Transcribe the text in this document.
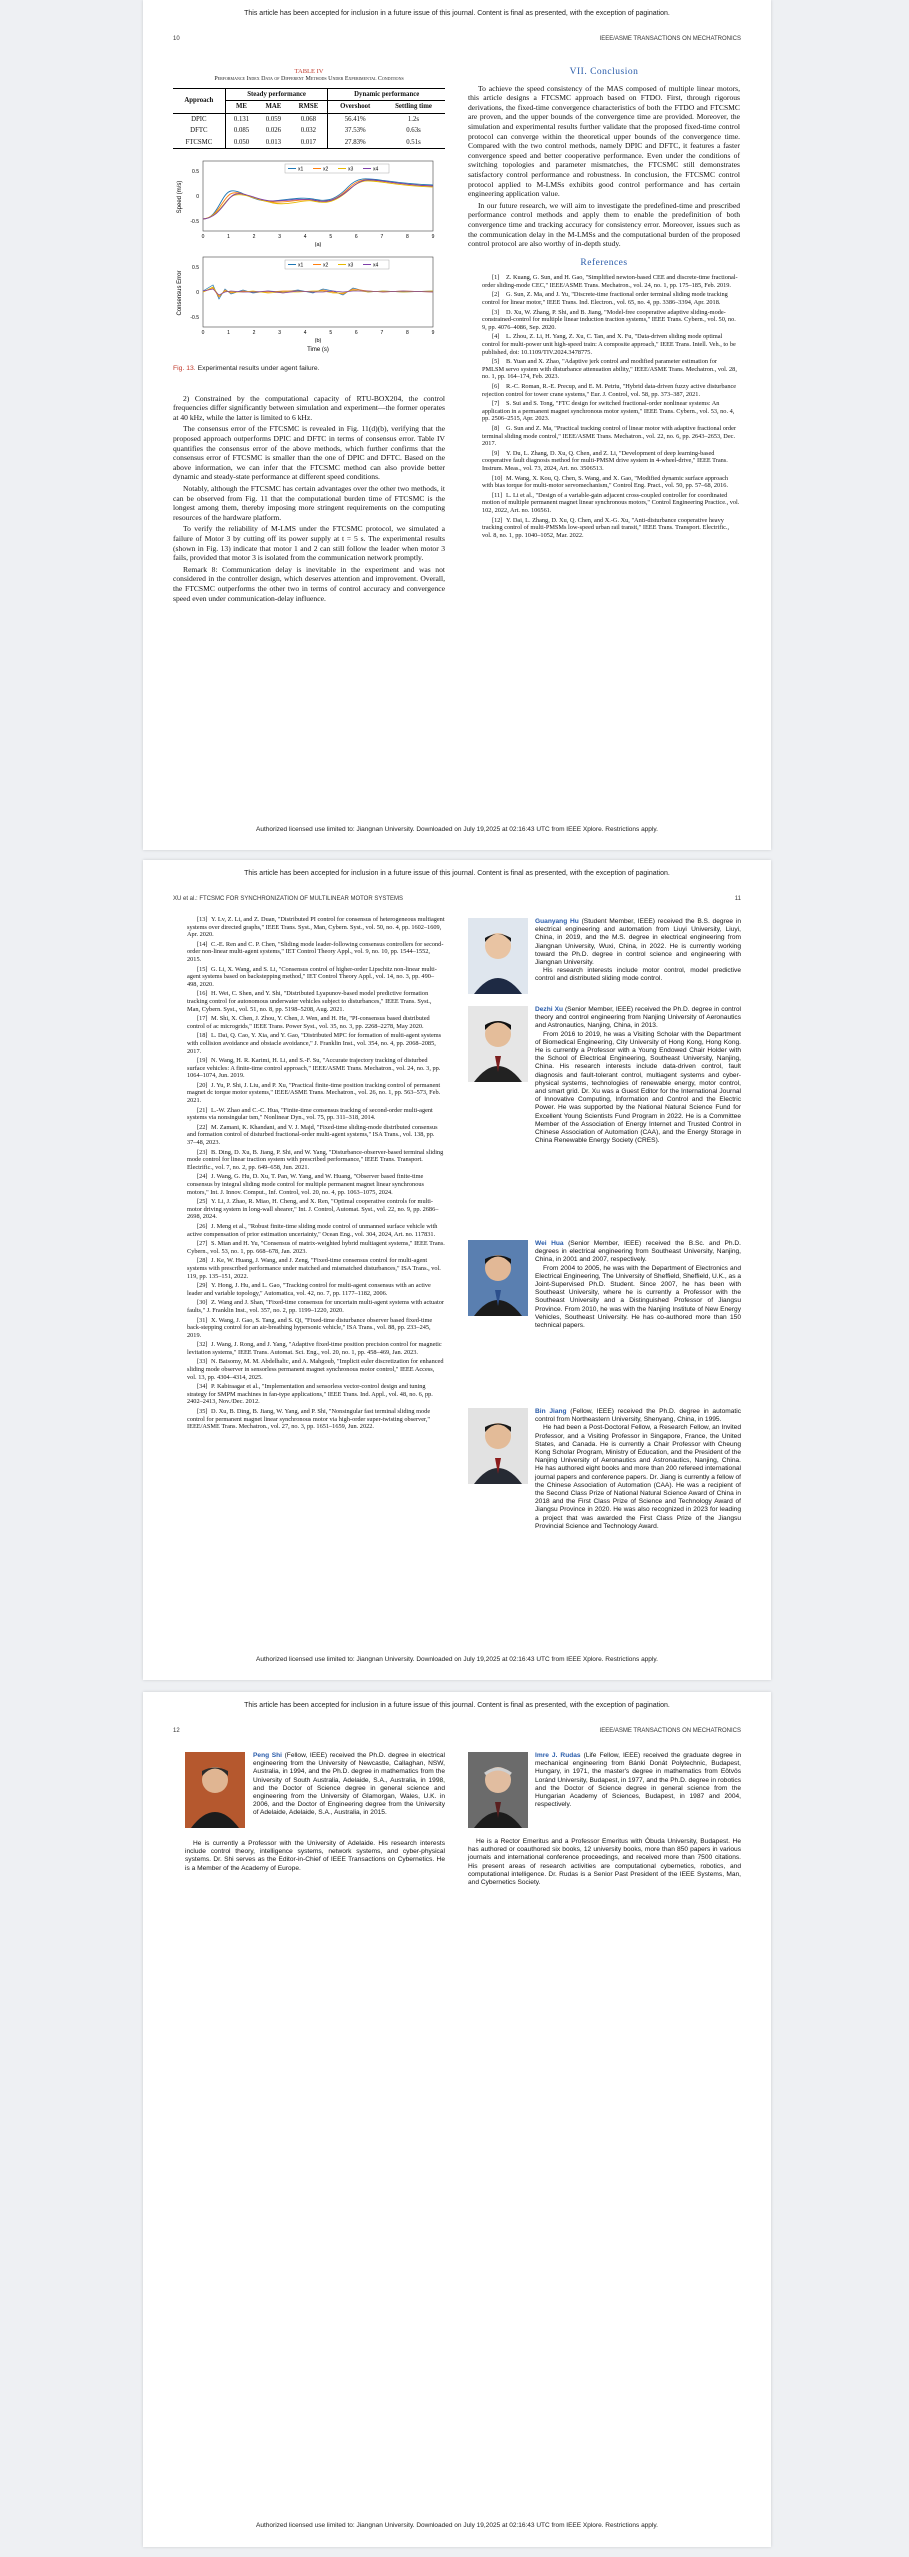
This article has been accepted for inclusion in a future issue of this journal. Content is final as presented, with the exception of pagination.
10	IEEE/ASME TRANSACTIONS ON MECHATRONICS
TABLE IV
Performance Index Data of Different Methods Under Experimental Conditions
Approach	Steady performance			Dynamic performance	
	ME	MAE	RMSE	Overshoot	Settling time
DPIC	0.131	0.059	0.068	56.41%	1.2s
DFTC	0.085	0.026	0.032	37.53%	0.63s
FTCSMC	0.050	0.013	0.017	27.83%	0.51s
Speed (m/s)
0.5
0
-0.5
x1	x2	x3	x4
0	1	2	3	4	5	6	7	8	9
(a)
Consensus Error
0.5
0
-0.5
x1	x2	x3	x4
0	1	2	3	4	5	6	7	8	9
(b)
Time (s)
Fig. 13. Experimental results under agent failure.

2) Constrained by the computational capacity of RTU-BOX204, the control frequencies differ significantly between simulation and experiment—the former operates at 40 kHz, while the latter is limited to 6 kHz.

The consensus error of the FTCSMC is revealed in Fig. 11(d)(b), verifying that the proposed approach outperforms DPIC and DFTC in terms of consensus error. Table IV quantifies the consensus error of the above methods, which further confirms that the consensus error of FTCSMC is smaller than the one of DPIC and DFTC. Based on the above information, we can infer that the FTCSMC method can also provide better dynamic and steady-state performance at different speed conditions.

Notably, although the FTCSMC has certain advantages over the other two methods, it can be observed from Fig. 11 that the computational burden time of FTCSMC is the longest among them, thereby imposing more stringent requirements on the computing resources of the hardware platform.

To verify the reliability of M-LMS under the FTCSMC protocol, we simulated a failure of Motor 3 by cutting off its power supply at t = 5 s. The experimental results (shown in Fig. 13) indicate that motor 1 and 2 can still follow the leader when motor 3 fails, provided that motor 3 is isolated from the communication network promptly.

Remark 8: Communication delay is inevitable in the experiment and was not considered in the controller design, which deserves attention and improvement. Overall, the FTCSMC outperforms the other two in terms of control accuracy and convergence speed even under communication-delay influence.

VII. Conclusion

To achieve the speed consistency of the MAS composed of multiple linear motors, this article designs a FTCSMC approach based on FTDO. First, through rigorous derivations, the fixed-time convergence characteristics of both the FTDO and FTCSMC are proven, and the upper bounds of the convergence time are provided. Moreover, the simulation and experimental results further validate that the proposed fixed-time control protocol can converge within the theoretical upper bounds of the convergence time. Compared with the two control methods, namely DPIC and DFTC, it features a faster convergence speed and better cooperative performance. Even under the conditions of switching topologies and parameter mismatches, the FTCSMC still demonstrates satisfactory control performance and robustness. In conclusion, the FTCSMC control protocol applied to M-LMSs exhibits good control performance and has certain engineering application value.

In our future research, we will aim to investigate the predefined-time and prescribed performance control methods and apply them to enable the predefinition of both convergence time and tracking accuracy for consistency error. Moreover, issues such as the communication delay in the M-LMSs and the computational burden of the proposed control protocol are also worthy of in-depth study.

References

[1] Z. Kuang, G. Sun, and H. Gao, "Simplified newton-based CEE and discrete-time fractional-order sliding-mode CEC," IEEE/ASME Trans. Mechatron., vol. 24, no. 1, pp. 175–185, Feb. 2019.

[2] G. Sun, Z. Ma, and J. Yu, "Discrete-time fractional order terminal sliding mode tracking control for linear motor," IEEE Trans. Ind. Electron., vol. 65, no. 4, pp. 3386–3394, Apr. 2018.

[3] D. Xu, W. Zhang, P. Shi, and B. Jiang, "Model-free cooperative adaptive sliding-mode-constrained-control for multiple linear induction traction systems," IEEE Trans. Cybern., vol. 50, no. 9, pp. 4076–4086, Sep. 2020.

[4] L. Zhou, Z. Li, H. Yang, Z. Xu, C. Tan, and X. Fu, "Data-driven sliding mode optimal control for multi-power unit high-speed train: A composite approach," IEEE Trans. Intell. Veh., to be published, doi: 10.1109/TIV.2024.3478775.

[5] B. Yuan and X. Zhao, "Adaptive jerk control and modified parameter estimation for PMLSM servo system with disturbance attenuation ability," IEEE/ASME Trans. Mechatron., vol. 28, no. 1, pp. 164–174, Feb. 2023.

[6] R.-C. Roman, R.-E. Precup, and E. M. Petriu, "Hybrid data-driven fuzzy active disturbance rejection control for tower crane systems," Eur. J. Control, vol. 58, pp. 373–387, 2021.

[7] S. Sui and S. Tong, "FTC design for switched fractional-order nonlinear systems: An application in a permanent magnet synchronous motor system," IEEE Trans. Cybern., vol. 53, no. 4, pp. 2506–2515, Apr. 2023.

[8] G. Sun and Z. Ma, "Practical tracking control of linear motor with adaptive fractional order terminal sliding mode control," IEEE/ASME Trans. Mechatron., vol. 22, no. 6, pp. 2643–2653, Dec. 2017.

[9] Y. Du, L. Zhang, D. Xu, Q. Chen, and Z. Li, "Development of deep learning-based cooperative fault diagnosis method for multi-PMSM drive system in 4-wheel-drive," IEEE Trans. Instrum. Meas., vol. 73, 2024, Art. no. 3506513.

[10] M. Wang, X. Kou, Q. Chen, S. Wang, and X. Gao, "Modified dynamic surface approach with bias torque for multi-motor servomechanism," Control Eng. Pract., vol. 50, pp. 57–68, 2016.

[11] L. Li et al., "Design of a variable-gain adjacent cross-coupled controller for coordinated motion of multiple permanent magnet linear synchronous motors," Control Engineering Practice., vol. 102, 2022, Art. no. 106561.

[12] Y. Dai, L. Zhang, D. Xu, Q. Chen, and X.-G. Xu, "Anti-disturbance cooperative heavy tracking control of multi-PMSMs low-speed urban rail transit," IEEE Trans. Transport. Electrific., vol. 8, no. 1, pp. 1040–1052, Mar. 2022.

Authorized licensed use limited to: Jiangnan University. Downloaded on July 19,2025 at 02:16:43 UTC from IEEE Xplore. Restrictions apply.
This article has been accepted for inclusion in a future issue of this journal. Content is final as presented, with the exception of pagination.
XU et al.: FTCSMC FOR SYNCHRONIZATION OF MULTILINEAR MOTOR SYSTEMS	11

[13] Y. Lv, Z. Li, and Z. Duan, "Distributed PI control for consensus of heterogeneous multiagent systems over directed graphs," IEEE Trans. Syst., Man, Cybern. Syst., vol. 50, no. 4, pp. 1602–1609, Apr. 2020.

[14] C.-E. Ren and C. P. Chen, "Sliding mode leader-following consensus controllers for second-order non-linear multi-agent systems," IET Control Theory Appl., vol. 9, no. 10, pp. 1544–1552, 2015.

[15] G. Li, X. Wang, and S. Li, "Consensus control of higher-order Lipschitz non-linear multi-agent systems based on backstepping method," IET Control Theory Appl., vol. 14, no. 3, pp. 490–498, 2020.

[16] H. Wei, C. Shen, and Y. Shi, "Distributed Lyapunov-based model predictive formation tracking control for autonomous underwater vehicles subject to disturbances," IEEE Trans. Syst., Man, Cybern. Syst., vol. 51, no. 8, pp. 5198–5208, Aug. 2021.

[17] M. Shi, X. Chen, J. Zhou, Y. Chen, J. Wen, and H. He, "PI-consensus based distributed control of ac microgrids," IEEE Trans. Power Syst., vol. 35, no. 3, pp. 2268–2278, May 2020.

[18] L. Dai, Q. Cao, Y. Xia, and Y. Gao, "Distributed MPC for formation of multi-agent systems with collision avoidance and obstacle avoidance," J. Franklin Inst., vol. 354, no. 4, pp. 2068–2085, 2017.

[19] N. Wang, H. R. Karimi, H. Li, and S.-F. Su, "Accurate trajectory tracking of disturbed surface vehicles: A finite-time control approach," IEEE/ASME Trans. Mechatron., vol. 24, no. 3, pp. 1064–1074, Jun. 2019.

[20] J. Yu, P. Shi, J. Liu, and P. Xu, "Practical finite-time position tracking control of permanent magnet dc torque motor systems," IEEE/ASME Trans. Mechatron., vol. 26, no. 1, pp. 563–573, Feb. 2021.

[21] L.-W. Zhao and C.-C. Hua, "Finite-time consensus tracking of second-order multi-agent systems via nonsingular tsm," Nonlinear Dyn., vol. 75, pp. 311–318, 2014.

[22] M. Zamani, K. Khandani, and V. J. Majd, "Fixed-time sliding-mode distributed consensus and formation control of disturbed fractional-order multi-agent systems," ISA Trans., vol. 138, pp. 37–48, 2023.

[23] B. Ding, D. Xu, B. Jiang, P. Shi, and W. Yang, "Disturbance-observer-based terminal sliding mode control for linear traction system with prescribed performance," IEEE Trans. Transport. Electrific., vol. 7, no. 2, pp. 649–658, Jun. 2021.

[24] J. Wang, G. Hu, D. Xu, T. Pan, W. Yang, and W. Huang, "Observer based finite-time consensus by integral sliding mode control for multiple permanent magnet linear synchronous motors," Int. J. Innov. Comput., Inf. Control, vol. 20, no. 4, pp. 1063–1075, 2024.

[25] Y. Li, J. Zhao, R. Miao, H. Cheng, and X. Ren, "Optimal cooperative controls for multi-motor driving system in long-wall shearer," Int. J. Control, Automat. Syst., vol. 22, no. 9, pp. 2686–2698, 2024.

[26] J. Meng et al., "Robust finite-time sliding mode control of unmanned surface vehicle with active compensation of prior estimation uncertainty," Ocean Eng., vol. 304, 2024, Art. no. 117831.

[27] S. Mian and H. Yu, "Consensus of matrix-weighted hybrid multiagent systems," IEEE Trans. Cybern., vol. 53, no. 1, pp. 668–678, Jan. 2023.

[28] J. Ke, W. Huang, J. Wang, and J. Zeng, "Fixed-time consensus control for multi-agent systems with prescribed performance under matched and mismatched disturbances," ISA Trans., vol. 119, pp. 135–151, 2022.

[29] Y. Hong, J. Hu, and L. Gao, "Tracking control for multi-agent consensus with an active leader and variable topology," Automatica, vol. 42, no. 7, pp. 1177–1182, 2006.

[30] Z. Wang and J. Shan, "Fixed-time consensus for uncertain multi-agent systems with actuator faults," J. Franklin Inst., vol. 357, no. 2, pp. 1199–1220, 2020.

[31] X. Wang, J. Gao, S. Tang, and S. Qi, "Fixed-time disturbance observer based fixed-time back-stepping control for an air-breathing hypersonic vehicle," ISA Trans., vol. 88, pp. 233–245, 2019.

[32] J. Wang, J. Rong, and J. Yang, "Adaptive fixed-time position precision control for magnetic levitation systems," IEEE Trans. Automat. Sci. Eng., vol. 20, no. 1, pp. 458–469, Jan. 2023.

[33] N. Baisomy, M. M. Abdelhalic, and A. Mahgoub, "Implicit euler discretization for enhanced sliding mode observer in sensorless permanent magnet synchronous motor control," IEEE Access, vol. 13, pp. 4304–4314, 2025.

[34] P. Kabiraagar et al., "Implementation and sensorless vector-control design and tuning strategy for SMPM machines in fan-type applications," IEEE Trans. Ind. Appl., vol. 48, no. 6, pp. 2402–2413, Nov./Dec. 2012.

[35] D. Xu, B. Ding, B. Jiang, W. Yang, and P. Shi, "Nonsingular fast terminal sliding mode control for permanent magnet linear synchronous motor via high-order super-twisting observer," IEEE/ASME Trans. Mechatron., vol. 27, no. 3, pp. 1651–1659, Jun. 2022.

Guanyang Hu (Student Member, IEEE) received the B.S. degree in electrical engineering and automation from Liuyi University, Liuyi, China, in 2019, and the M.S. degree in electrical engineering from Jiangnan University, Wuxi, China, in 2022. He is currently working toward the Ph.D. degree in control science and engineering with Jiangnan University.

His research interests include motor control, model predictive control and distributed sliding mode control.

Dezhi Xu (Senior Member, IEEE) received the Ph.D. degree in control theory and control engineering from Nanjing University of Aeronautics and Astronautics, Nanjing, China, in 2013.

From 2016 to 2019, he was a Visiting Scholar with the Department of Biomedical Engineering, City University of Hong Kong, Hong Kong. He is currently a Professor with a Young Endowed Chair Holder with the School of Electrical Engineering, Southeast University, Nanjing, China. His research interests include data-driven control, fault diagnosis and fault-tolerant control, multiagent systems and cyber-physical systems, technologies of renewable energy, motor control, and smart grid. Dr. Xu was a Guest Editor for the International Journal of Innovative Computing, Information and Control and the Electric Power. He was supported by the National Natural Science Fund for Excellent Young Scientists Fund Program in 2022. He is a Committee Member of the Association of Energy Internet and Trusted Control in Chinese Association of Automation (CAA), and the Energy Storage in China Renewable Energy Society (CRES).

Wei Hua (Senior Member, IEEE) received the B.Sc. and Ph.D. degrees in electrical engineering from Southeast University, Nanjing, China, in 2001 and 2007, respectively.

From 2004 to 2005, he was with the Department of Electronics and Electrical Engineering, The University of Sheffield, Sheffield, U.K., as a Joint-Supervised Ph.D. Student. Since 2007, he has been with Southeast University, where he is currently a Professor with the Southeast University and a Distinguished Professor of Jiangsu Province. From 2010, he was with the Nanjing Institute of New Energy Vehicles, Southeast University. He has co-authored more than 150 technical papers.

Bin Jiang (Fellow, IEEE) received the Ph.D. degree in automatic control from Northeastern University, Shenyang, China, in 1995.

He had been a Post-Doctoral Fellow, a Research Fellow, an Invited Professor, and a Visiting Professor in Singapore, France, the United States, and Canada. He is currently a Chair Professor with Cheung Kong Scholar Program, Ministry of Education, and the President of the Nanjing University of Aeronautics and Astronautics, Nanjing, China. He has authored eight books and more than 200 refereed international journal papers and conference papers. Dr. Jiang is currently a fellow of the Chinese Association of Automation (CAA). He was a recipient of the Second Class Prize of National Natural Science Award of China in 2018 and the First Class Prize of Science and Technology Award of Jiangsu Province in 2020. He was also recognized in 2023 for leading a project that was awarded the First Class Prize of the Jiangsu Provincial Science and Technology Award.

Authorized licensed use limited to: Jiangnan University. Downloaded on July 19,2025 at 02:16:43 UTC from IEEE Xplore. Restrictions apply.
This article has been accepted for inclusion in a future issue of this journal. Content is final as presented, with the exception of pagination.
12	IEEE/ASME TRANSACTIONS ON MECHATRONICS

Peng Shi (Fellow, IEEE) received the Ph.D. degree in electrical engineering from the University of Newcastle, Callaghan, NSW, Australia, in 1994, and the Ph.D. degree in mathematics from the University of South Australia, Adelaide, S.A., Australia, in 1998, and the Doctor of Science degree in general science and engineering from the University of Glamorgan, Wales, U.K. in 2006, and the Doctor of Engineering degree from the University of Adelaide, Adelaide, S.A., Australia, in 2015.

He is currently a Professor with the University of Adelaide. His research interests include control theory, intelligence systems, network systems, and cyber-physical systems. Dr. Shi serves as the Editor-in-Chief of IEEE Transactions on Cybernetics. He is a Member of the Academy of Europe.

Imre J. Rudas (Life Fellow, IEEE) received the graduate degree in mechanical engineering from Bánki Donát Polytechnic, Budapest, Hungary, in 1971, the master's degree in mathematics from Eötvös Loránd University, Budapest, in 1977, and the Ph.D. degree in robotics and the Doctor of Science degree in general science from the Hungarian Academy of Sciences, Budapest, in 1987 and 2004, respectively.

He is a Rector Emeritus and a Professor Emeritus with Óbuda University, Budapest. He has authored or coauthored six books, 12 university books, more than 850 papers in various journals and international conference proceedings, and received more than 7500 citations. His present areas of research activities are computational cybernetics, robotics, and computational intelligence. Dr. Rudas is a Senior Past President of the IEEE Systems, Man, and Cybernetics Society.

Authorized licensed use limited to: Jiangnan University. Downloaded on July 19,2025 at 02:16:43 UTC from IEEE Xplore. Restrictions apply.
